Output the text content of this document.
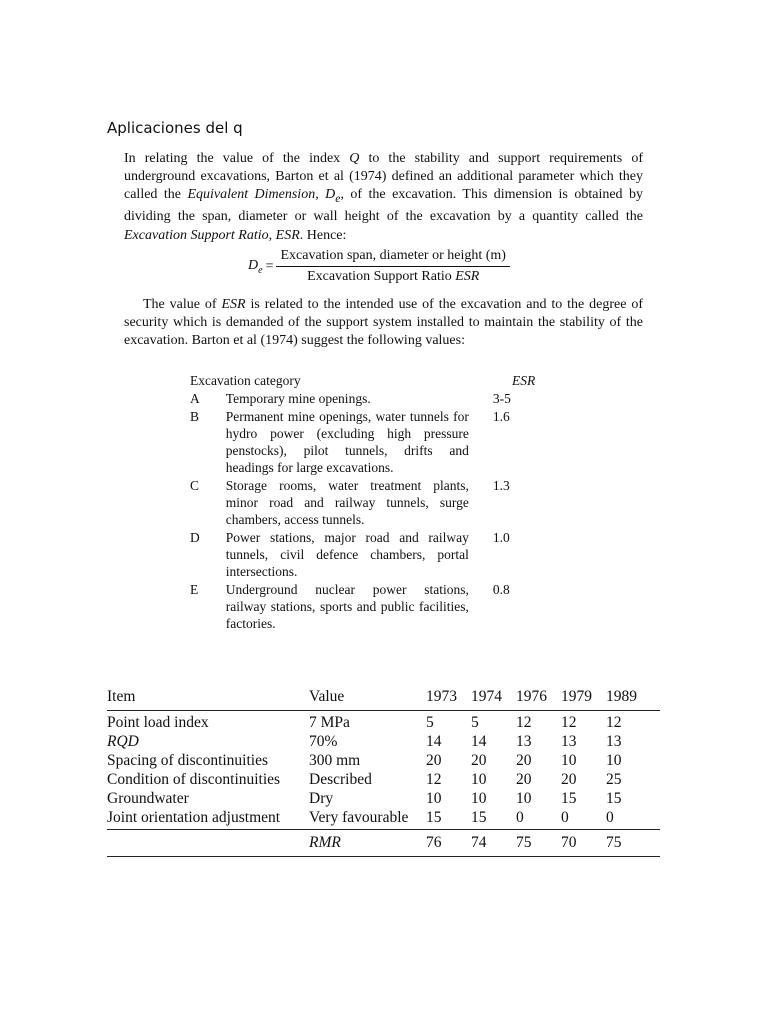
Aplicaciones del q
In relating the value of the index Q to the stability and support requirements of
underground excavations, Barton et al (1974) defined an additional parameter which they
called the Equivalent Dimension, $D_e$, of the excavation. This dimension is obtained by
dividing the span, diameter or wall height of the excavation by a quantity called the
Excavation Support Ratio, ESR. Hence:
$D_e = \frac{\text{Excavation span, diameter or height (m)}}{\text{Excavation Support Ratio ESR}}$
The value of ESR is related to the intended use of the excavation and to the degree of
security which is demanded of the support system installed to maintain the stability of the
excavation. Barton et al (1974) suggest the following values:
Excavation category	ESR
A	Temporary mine openings.	3-5
B	Permanent mine openings, water tunnels for
hydro power (excluding high pressure
penstocks), pilot tunnels, drifts and
headings for large excavations.
1.6
C	Storage rooms, water treatment plants,
minor road and railway tunnels, surge
chambers, access tunnels.
1.3
D	Power stations, major road and railway
tunnels, civil defence chambers, portal
intersections.
1.0
E	Underground nuclear power stations,
railway stations, sports and public facilities,
factories.
0.8
Item	Value	1973	1974	1976	1979	1989
Point load index	7 MPa	5	5	12	12	12
RQD	70%	14	14	13	13	13
Spacing of discontinuities	300 mm	20	20	20	10	10
Condition of discontinuities	Described	12	10	20	20	25
Groundwater	Dry	10	10	10	15	15
Joint orientation adjustment	Very favourable	15	15	0	0	0
	RMR	76	74	75	70	75
